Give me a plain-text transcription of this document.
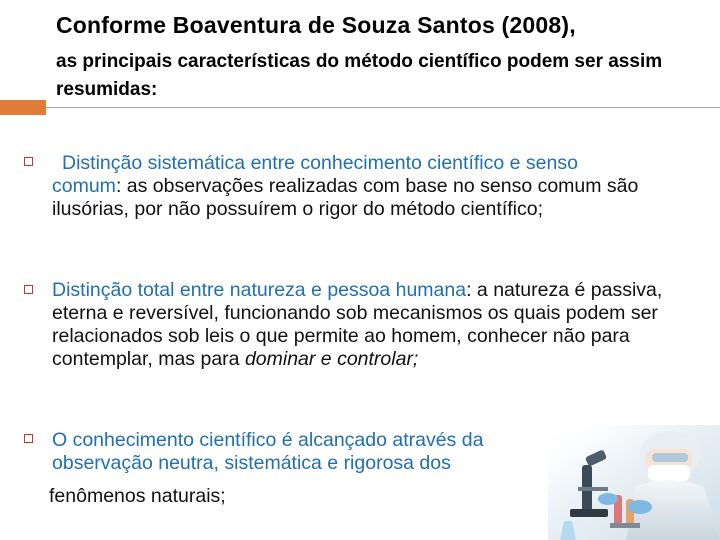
Conforme Boaventura de Souza Santos (2008),
as principais características do método científico podem ser assim resumidas:
Distinção sistemática entre conhecimento científico e senso comum: as observações realizadas com base no senso comum são ilusórias, por não possuírem o rigor do método científico;
Distinção total entre natureza e pessoa humana: a natureza é passiva, eterna e reversível, funcionando sob mecanismos os quais podem ser relacionados sob leis o que permite ao homem, conhecer não para contemplar, mas para dominar e controlar;
O conhecimento científico é alcançado através da observação neutra, sistemática e rigorosa dos
fenômenos naturais;
